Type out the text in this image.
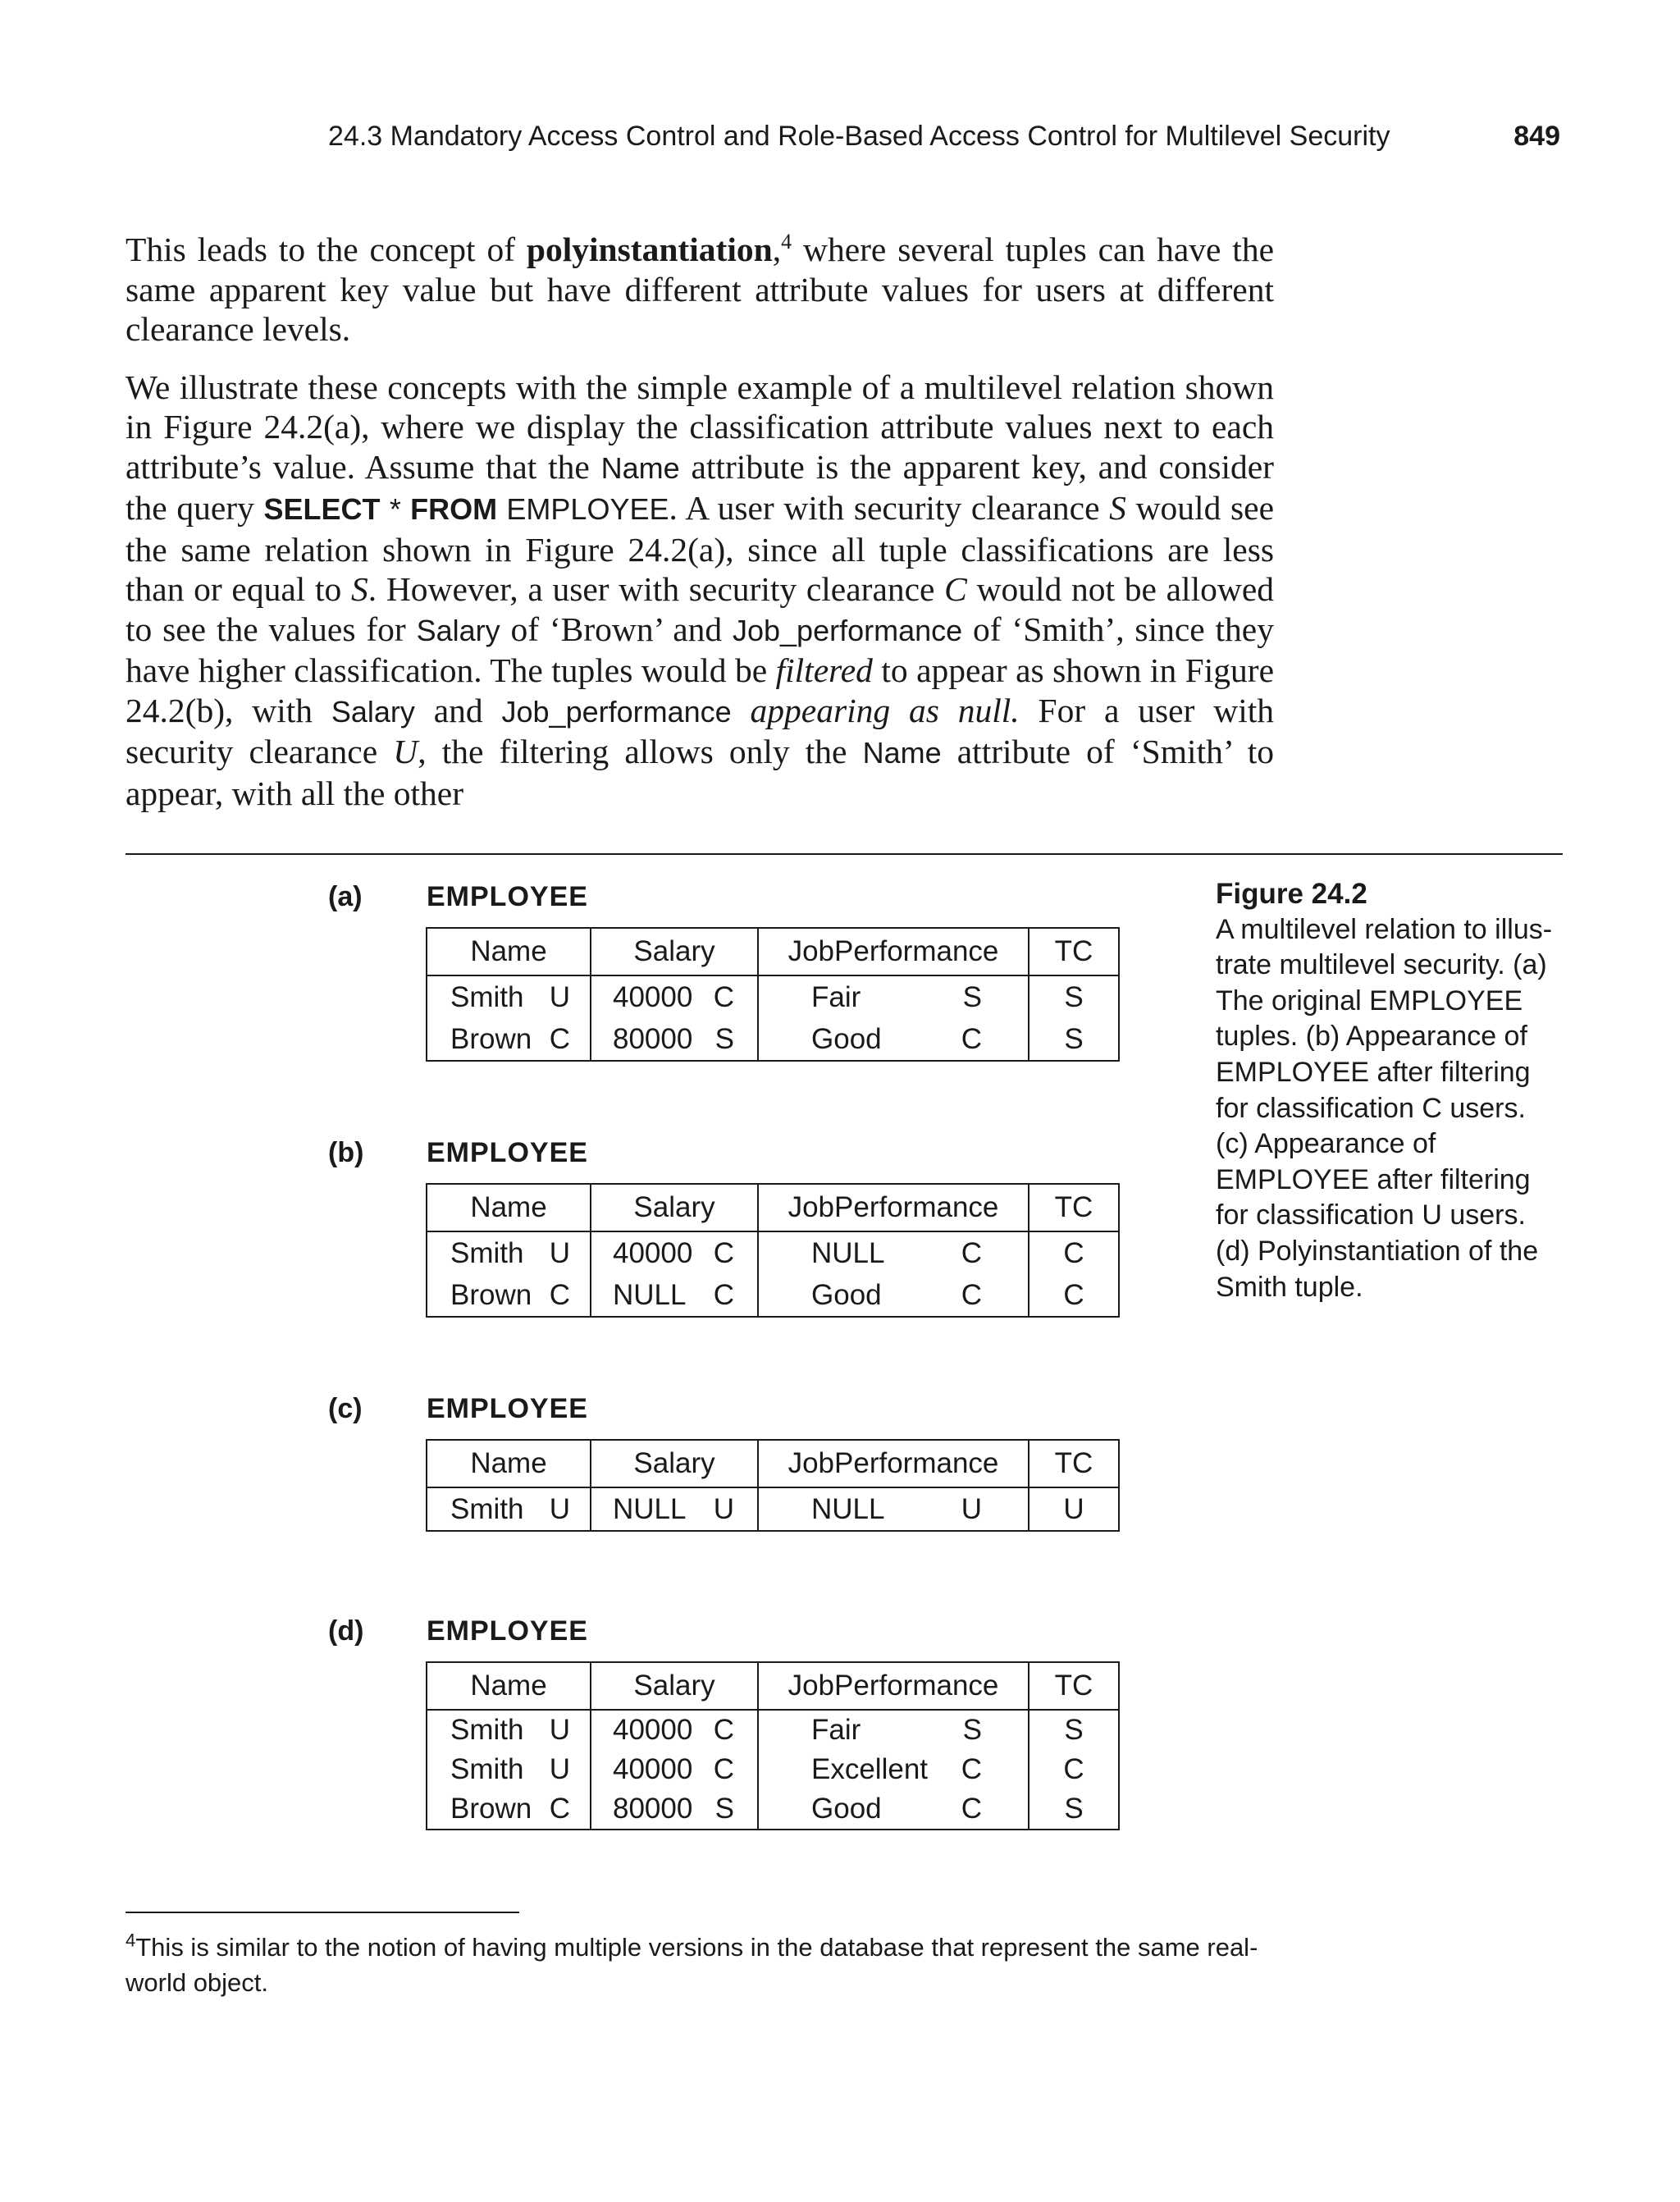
24.3 Mandatory Access Control and Role-Based Access Control for Multilevel Security	849

This leads to the concept of polyinstantiation,$^4$ where several tuples can have the same apparent key value but have different attribute values for users at different clearance levels.

We illustrate these concepts with the simple example of a multilevel relation shown in Figure 24.2(a), where we display the classification attribute values next to each attribute’s value. Assume that the Name attribute is the apparent key, and consider the query SELECT * FROM EMPLOYEE. A user with security clearance S would see the same relation shown in Figure 24.2(a), since all tuple classifications are less than or equal to S. However, a user with security clearance C would not be allowed to see the values for Salary of ‘Brown’ and Job_performance of ‘Smith’, since they have higher classification. The tuples would be filtered to appear as shown in Figure 24.2(b), with Salary and Job_performance appearing as null. For a user with security clearance U, the filtering allows only the Name attribute of ‘Smith’ to appear, with all the other

(a)	EMPLOYEE
Name	Salary	JobPerformance	TC

Smith U	40000 C	Fair S	S

Brown C	80000 S	Good C	S
(b)	EMPLOYEE
Name	Salary	JobPerformance	TC

Smith U	40000 C	NULL C	C

Brown C	NULL C	Good C	C
(c)	EMPLOYEE
Name	Salary	JobPerformance	TC

Smith U	NULL U	NULL U	U
(d)	EMPLOYEE
Name	Salary	JobPerformance	TC

Smith U	40000 C	Fair S	S

Smith U	40000 C	Excellent C	C

Brown C	80000 S	Good C	S
Figure 24.2
A multilevel relation to illus-trate multilevel security. (a) The original EMPLOYEE tuples. (b) Appearance of EMPLOYEE after filtering for classification C users. (c) Appearance of EMPLOYEE after filtering for classification U users. (d) Polyinstantiation of the Smith tuple.
$^4$This is similar to the notion of having multiple versions in the database that represent the same real-world object.
